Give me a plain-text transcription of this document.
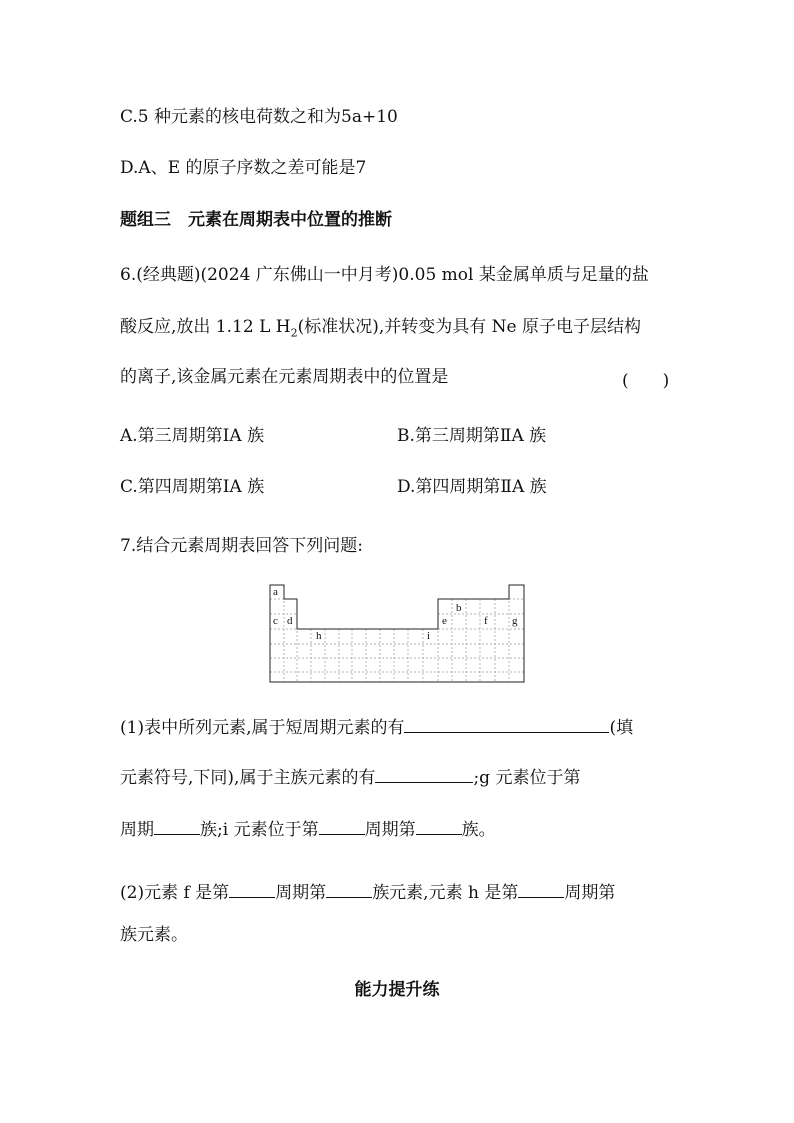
C.5 种元素的核电荷数之和为5a+10
D.A、E 的原子序数之差可能是7
题组三　元素在周期表中位置的推断
6.(经典题)(2024 广东佛山一中月考)0.05 mol 某金属单质与足量的盐
酸反应,放出 1.12 L $H_2$(标准状况),并转变为具有 Ne 原子电子层结构
的离子,该金属元素在元素周期表中的位置是	(　　)
A.第三周期第ⅠA 族	B.第三周期第ⅡA 族
C.第四周期第ⅠA 族	D.第四周期第ⅡA 族
7.结合元素周期表回答下列问题:
a
b
c d
h	i
e	f g
(1)表中所列元素,属于短周期元素的有	(填
元素符号,下同),属于主族元素的有	;g 元素位于第
周期	族;i 元素位于第	周期第	族。
(2)元素 f 是第	周期第	族元素,元素 h 是第	周期第
族元素。
能力提升练
